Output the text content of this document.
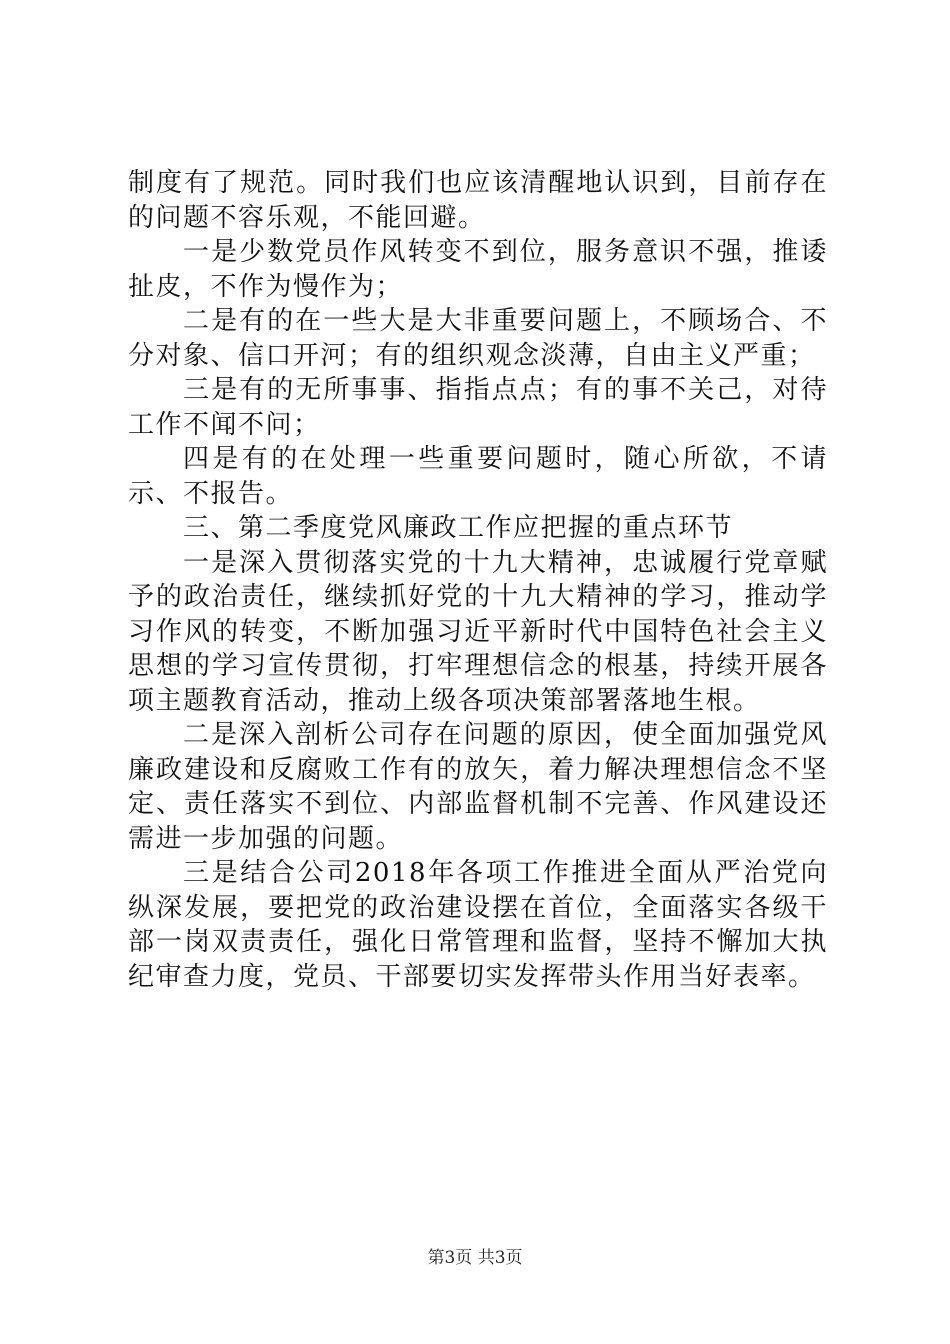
制度有了规范。同时我们也应该清醒地认识到，目前存在的问题不容乐观，不能回避。

一是少数党员作风转变不到位，服务意识不强，推诿扯皮，不作为慢作为；

二是有的在一些大是大非重要问题上，不顾场合、不分对象、信口开河；有的组织观念淡薄，自由主义严重；

三是有的无所事事、指指点点；有的事不关己，对待工作不闻不问；

四是有的在处理一些重要问题时，随心所欲，不请示、不报告。

三、第二季度党风廉政工作应把握的重点环节

一是深入贯彻落实党的十九大精神，忠诚履行党章赋予的政治责任，继续抓好党的十九大精神的学习，推动学习作风的转变，不断加强习近平新时代中国特色社会主义思想的学习宣传贯彻，打牢理想信念的根基，持续开展各项主题教育活动，推动上级各项决策部署落地生根。

二是深入剖析公司存在问题的原因，使全面加强党风廉政建设和反腐败工作有的放矢，着力解决理想信念不坚定、责任落实不到位、内部监督机制不完善、作风建设还需进一步加强的问题。

三是结合公司2018年各项工作推进全面从严治党向纵深发展，要把党的政治建设摆在首位，全面落实各级干部一岗双责责任，强化日常管理和监督，坚持不懈加大执纪审查力度，党员、干部要切实发挥带头作用当好表率。

第3页 共3页
